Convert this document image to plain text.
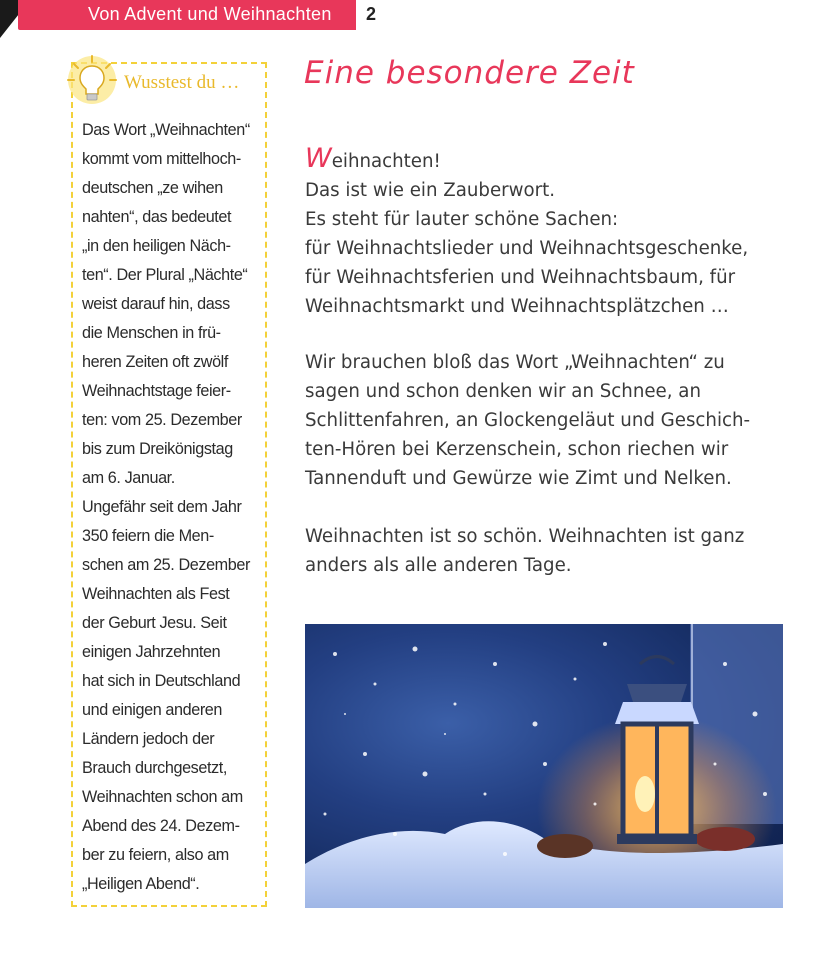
Von Advent und Weihnachten 2
Wusstest du …
Das Wort „Weihnachten“
kommt vom mittelhoch-
deutschen „ze wihen
nahten“, das bedeutet
„in den heiligen Näch-
ten“. Der Plural „Nächte“
weist darauf hin, dass
die Menschen in frü-
heren Zeiten oft zwölf
Weihnachtstage feier-
ten: vom 25. Dezember
bis zum Dreikönigstag
am 6. Januar.
Ungefähr seit dem Jahr
350 feiern die Men-
schen am 25. Dezember
Weihnachten als Fest
der Geburt Jesu. Seit
einigen Jahrzehnten
hat sich in Deutschland
und einigen anderen
Ländern jedoch der
Brauch durchgesetzt,
Weihnachten schon am
Abend des 24. Dezem-
ber zu feiern, also am
„Heiligen Abend“.
Eine besondere Zeit
Weihnachten!
Das ist wie ein Zauberwort.
Es steht für lauter schöne Sachen:
für Weihnachtslieder und Weihnachtsgeschenke,
für Weihnachtsferien und Weihnachtsbaum, für
Weihnachtsmarkt und Weihnachtsplätzchen …
Wir brauchen bloß das Wort „Weihnachten“ zu
sagen und schon denken wir an Schnee, an
Schlittenfahren, an Glockengeläut und Geschich-
ten-Hören bei Kerzenschein, schon riechen wir
Tannenduft und Gewürze wie Zimt und Nelken.
Weihnachten ist so schön. Weihnachten ist ganz
anders als alle anderen Tage.
